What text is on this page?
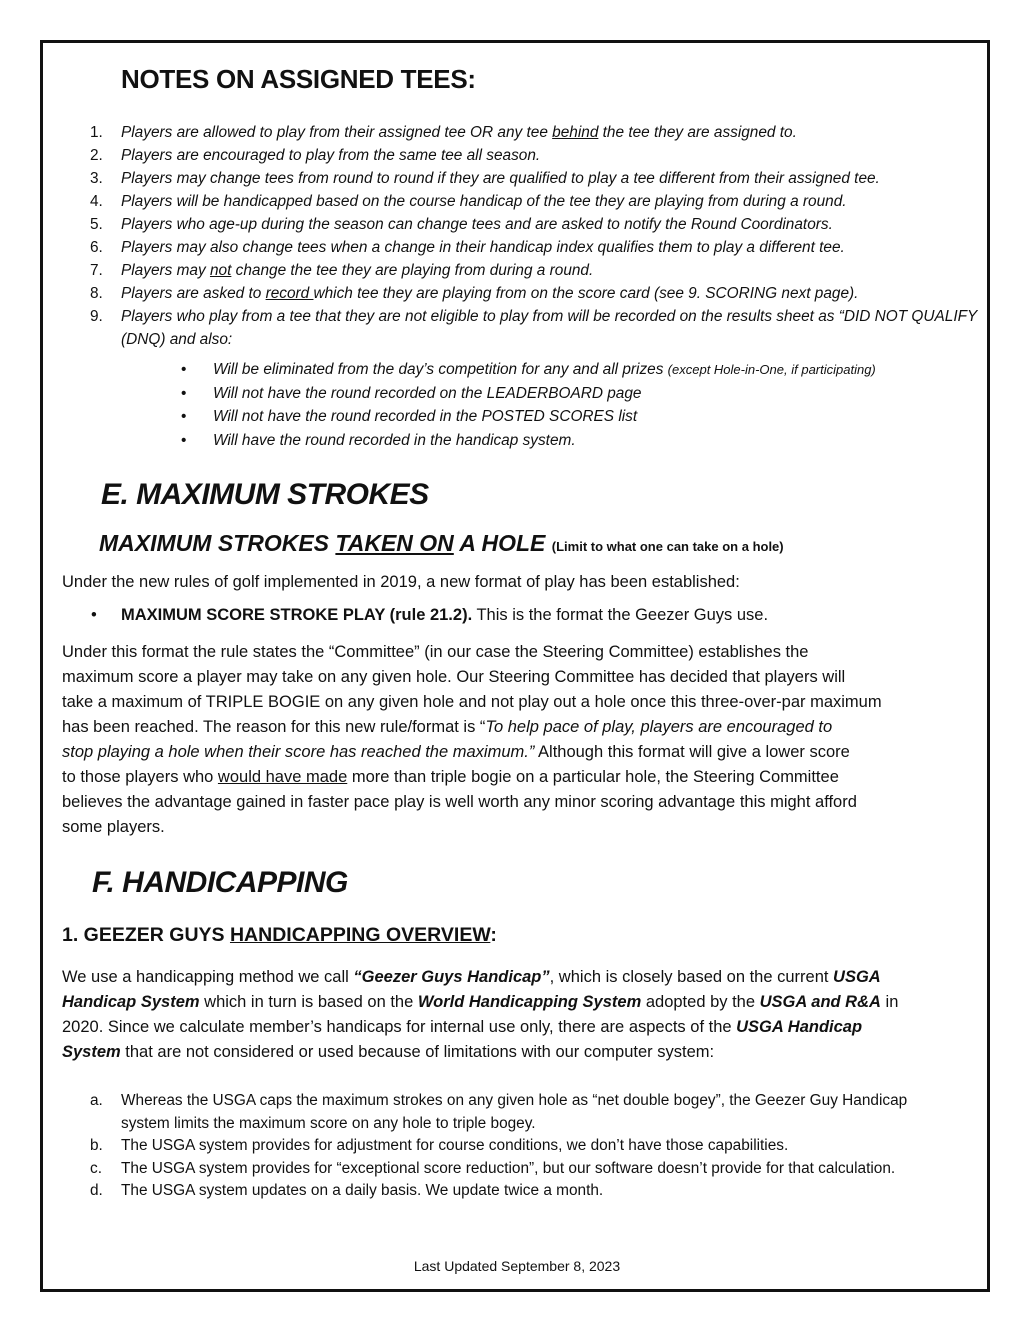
NOTES ON ASSIGNED TEES:
1. Players are allowed to play from their assigned tee OR any tee behind the tee they are assigned to.
2. Players are encouraged to play from the same tee all season.
3. Players may change tees from round to round if they are qualified to play a tee different from their assigned tee.
4. Players will be handicapped based on the course handicap of the tee they are playing from during a round.
5. Players who age-up during the season can change tees and are asked to notify the Round Coordinators.
6. Players may also change tees when a change in their handicap index qualifies them to play a different tee.
7. Players may not change the tee they are playing from during a round.
8. Players are asked to record which tee they are playing from on the score card (see 9. SCORING next page).
9. Players who play from a tee that they are not eligible to play from will be recorded on the results sheet as “DID NOT QUALIFY (DNQ) and also:
• Will be eliminated from the day’s competition for any and all prizes (except Hole-in-One, if participating)
• Will not have the round recorded on the LEADERBOARD page
• Will not have the round recorded in the POSTED SCORES list
• Will have the round recorded in the handicap system.
E. MAXIMUM STROKES
MAXIMUM STROKES TAKEN ON A HOLE (Limit to what one can take on a hole)
Under the new rules of golf implemented in 2019, a new format of play has been established:
• MAXIMUM SCORE STROKE PLAY (rule 21.2). This is the format the Geezer Guys use.
Under this format the rule states the “Committee” (in our case the Steering Committee) establishes the
maximum score a player may take on any given hole. Our Steering Committee has decided that players will
take a maximum of TRIPLE BOGIE on any given hole and not play out a hole once this three-over-par maximum
has been reached. The reason for this new rule/format is “To help pace of play, players are encouraged to
stop playing a hole when their score has reached the maximum.” Although this format will give a lower score
to those players who would have made more than triple bogie on a particular hole, the Steering Committee
believes the advantage gained in faster pace play is well worth any minor scoring advantage this might afford
some players.
F. HANDICAPPING
1. GEEZER GUYS HANDICAPPING OVERVIEW:
We use a handicapping method we call “Geezer Guys Handicap”, which is closely based on the current USGA
Handicap System which in turn is based on the World Handicapping System adopted by the USGA and R&A in
2020. Since we calculate member’s handicaps for internal use only, there are aspects of the USGA Handicap
System that are not considered or used because of limitations with our computer system:
a. Whereas the USGA caps the maximum strokes on any given hole as “net double bogey”, the Geezer Guy Handicap system limits the maximum score on any hole to triple bogey.
b. The USGA system provides for adjustment for course conditions, we don’t have those capabilities.
c. The USGA system provides for “exceptional score reduction”, but our software doesn’t provide for that calculation.
d. The USGA system updates on a daily basis. We update twice a month.
Last Updated September 8, 2023
